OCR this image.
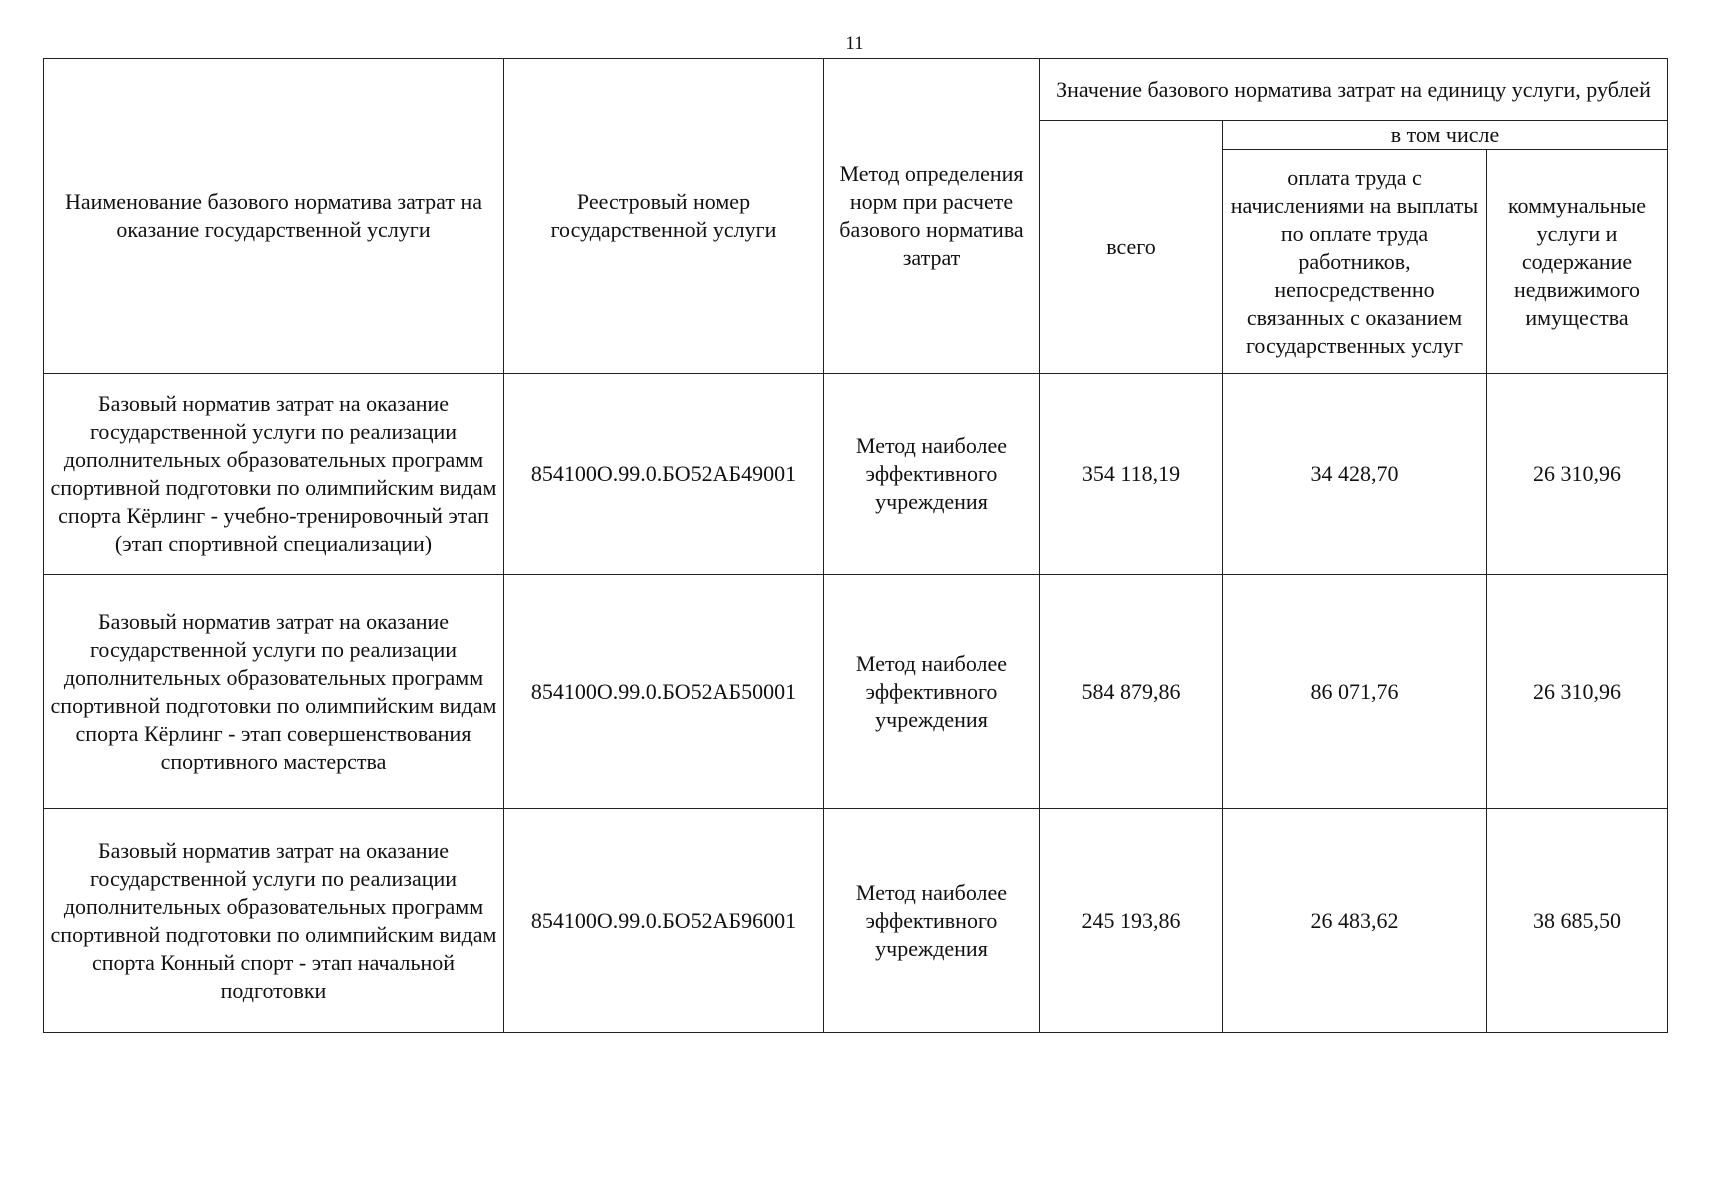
11
Наименование базового норматива затрат на оказание государственной услуги	Реестровый номер государственной услуги	Метод определения норм при расчете базового норматива затрат	Значение базового норматива затрат на единицу услуги, рублей		
			всего	в том числе	
				оплата труда с начислениями на выплаты по оплате труда работников, непосредственно связанных с оказанием государственных услуг	коммунальные услуги и содержание недвижимого имущества
Базовый норматив затрат на оказание государственной услуги по реализации дополнительных образовательных программ спортивной подготовки по олимпийским видам спорта Кёрлинг - учебно-тренировочный этап (этап спортивной специализации)	854100О.99.0.БО52АБ49001	Метод наиболее эффективного учреждения	354 118,19	34 428,70	26 310,96
Базовый норматив затрат на оказание государственной услуги по реализации дополнительных образовательных программ спортивной подготовки по олимпийским видам спорта Кёрлинг - этап совершенствования спортивного мастерства	854100О.99.0.БО52АБ50001	Метод наиболее эффективного учреждения	584 879,86	86 071,76	26 310,96
Базовый норматив затрат на оказание государственной услуги по реализации дополнительных образовательных программ спортивной подготовки по олимпийским видам спорта Конный спорт - этап начальной подготовки	854100О.99.0.БО52АБ96001	Метод наиболее эффективного учреждения	245 193,86	26 483,62	38 685,50
